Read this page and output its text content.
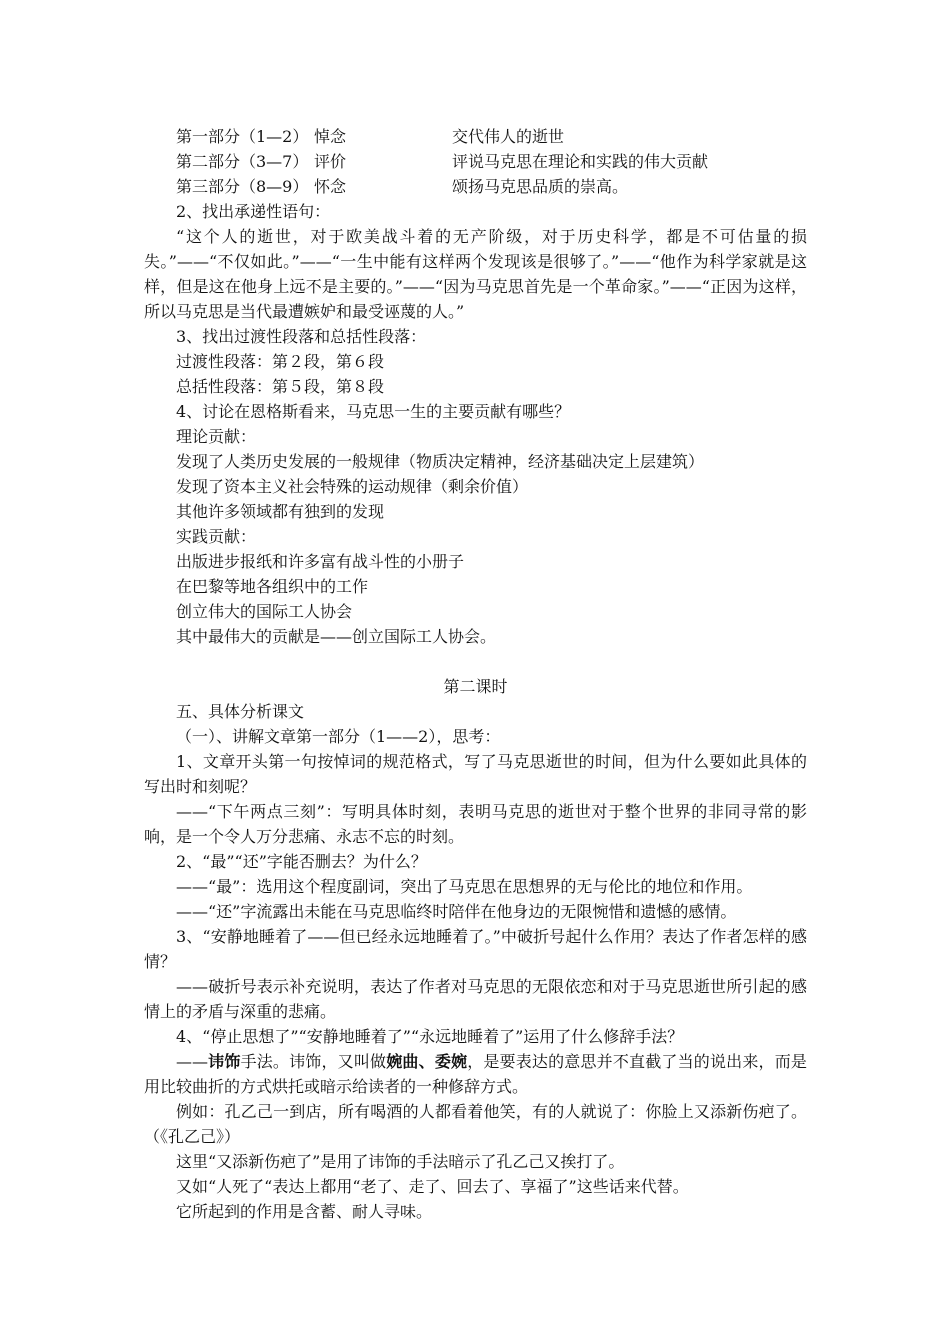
第一部分（1—2） 悼念	交代伟人的逝世
第二部分（3—7） 评价	评说马克思在理论和实践的伟大贡献
第三部分（8—9） 怀念	颂扬马克思品质的崇高。
2、找出承递性语句：
“这个人的逝世，对于欧美战斗着的无产阶级，对于历史科学，都是不可估量的损失。”——“不仅如此。”——“一生中能有这样两个发现该是很够了。”——“他作为科学家就是这样，但是这在他身上远不是主要的。”——“因为马克思首先是一个革命家。”——“正因为这样，所以马克思是当代最遭嫉妒和最受诬蔑的人。”
3、找出过渡性段落和总括性段落：
过渡性段落：第２段，第６段
总括性段落：第５段，第８段
4、讨论在恩格斯看来，马克思一生的主要贡献有哪些？
理论贡献：
发现了人类历史发展的一般规律（物质决定精神，经济基础决定上层建筑）
发现了资本主义社会特殊的运动规律（剩余价值）
其他许多领域都有独到的发现
实践贡献：
出版进步报纸和许多富有战斗性的小册子
在巴黎等地各组织中的工作
创立伟大的国际工人协会
其中最伟大的贡献是——创立国际工人协会。
第二课时
五、具体分析课文
（一）、讲解文章第一部分（1——2），思考：
1、文章开头第一句按悼词的规范格式，写了马克思逝世的时间，但为什么要如此具体的写出时和刻呢？
——“下午两点三刻”：写明具体时刻，表明马克思的逝世对于整个世界的非同寻常的影响，是一个令人万分悲痛、永志不忘的时刻。
2、“最”“还”字能否删去？为什么？
——“最”：选用这个程度副词，突出了马克思在思想界的无与伦比的地位和作用。
——“还”字流露出未能在马克思临终时陪伴在他身边的无限惋惜和遗憾的感情。
3、“安静地睡着了——但已经永远地睡着了。”中破折号起什么作用？表达了作者怎样的感情？
——破折号表示补充说明，表达了作者对马克思的无限依恋和对于马克思逝世所引起的感情上的矛盾与深重的悲痛。
4、“停止思想了”“安静地睡着了”“永远地睡着了”运用了什么修辞手法？
——讳饰手法。讳饰，又叫做婉曲、委婉，是要表达的意思并不直截了当的说出来，而是用比较曲折的方式烘托或暗示给读者的一种修辞方式。
例如：孔乙己一到店，所有喝酒的人都看着他笑，有的人就说了：你脸上又添新伤疤了。（《孔乙己》）
这里“又添新伤疤了”是用了讳饰的手法暗示了孔乙己又挨打了。
又如“人死了“表达上都用“老了、走了、回去了、享福了”这些话来代替。
它所起到的作用是含蓄、耐人寻味。
